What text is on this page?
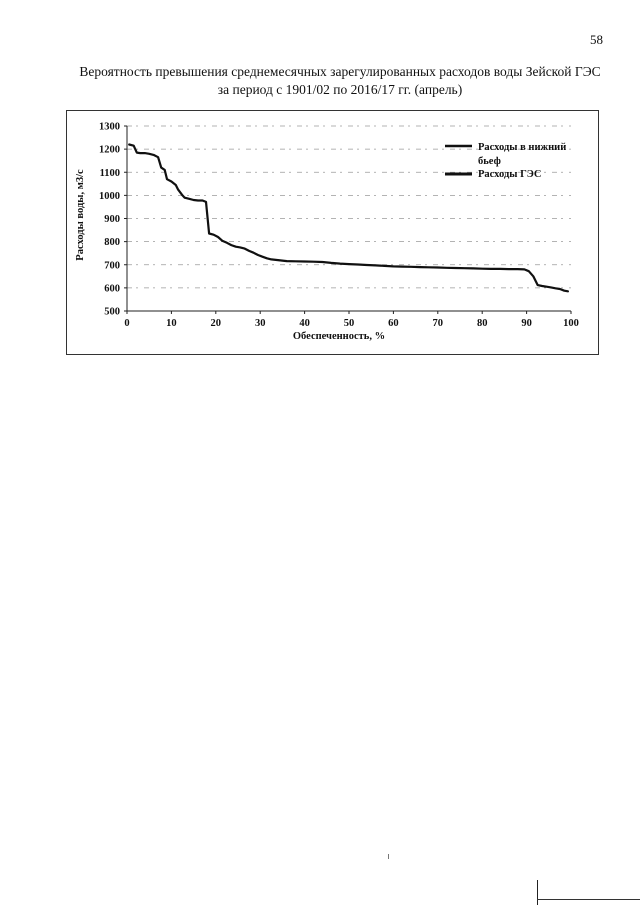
58
Вероятность превышения среднемесячных зарегулированных расходов воды Зейской ГЭС
за период с 1901/02 по 2016/17 гг. (апрель)
500
600
700
800
900
1000
1100
1200
1300
0	10	20	30	40	50	60	70	80	90	100
Расходы воды, м3/с
Обеспеченность, %
Расходы в нижний
бьеф
Расходы ГЭС
